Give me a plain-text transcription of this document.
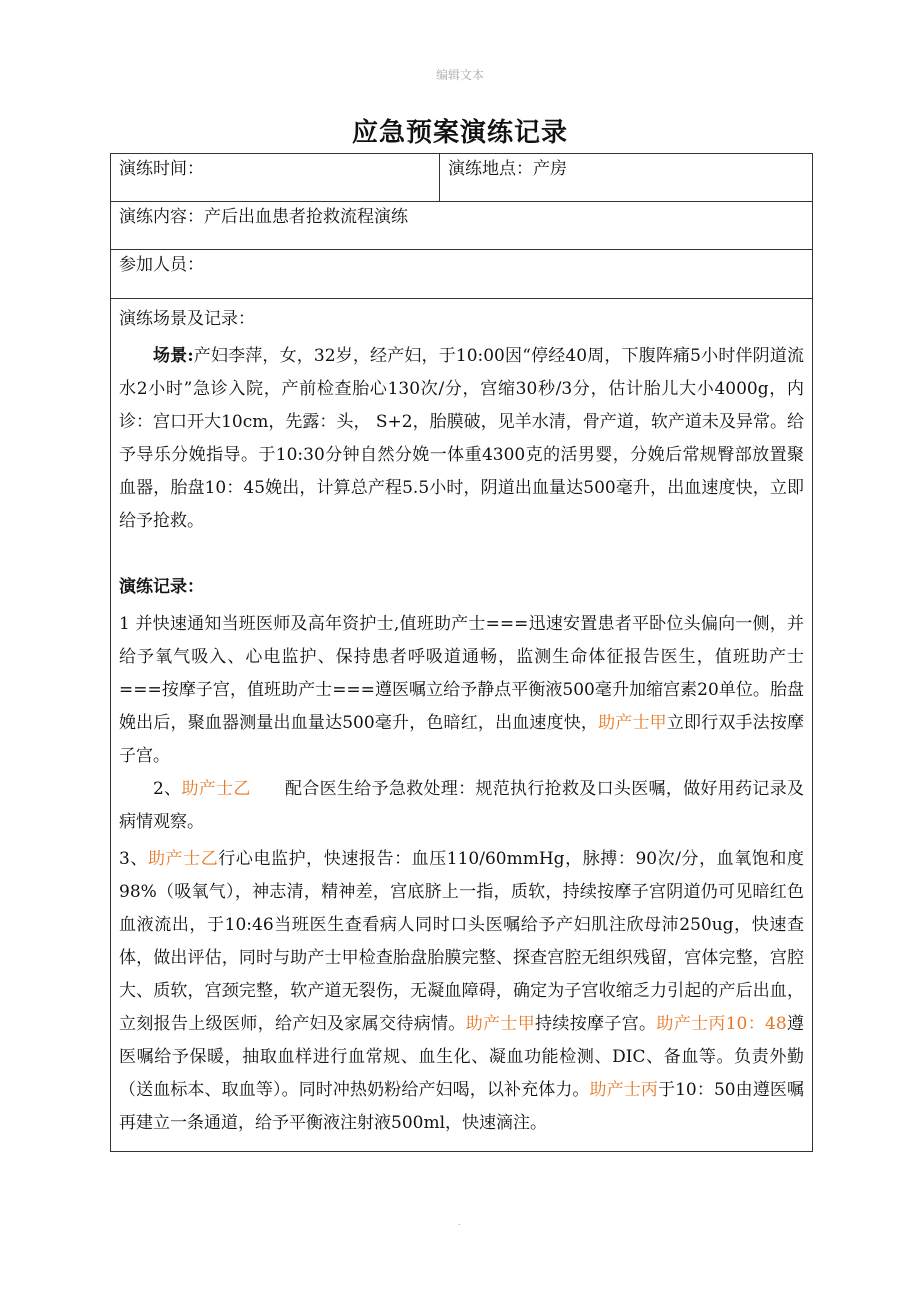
编辑文本
应急预案演练记录
演练时间：	演练地点：产房
演练内容：产后出血患者抢救流程演练
参加人员：

演练场景及记录：

场景:产妇李萍，女，32岁，经产妇，于10:00因“停经40周，下腹阵痛5小时伴阴道流水2小时”急诊入院，产前检查胎心130次/分，宫缩30秒/3分，估计胎儿大小4000g，内诊：宫口开大10cm，先露：头， S+2，胎膜破，见羊水清，骨产道，软产道未及异常。给予导乐分娩指导。于10:30分钟自然分娩一体重4300克的活男婴，分娩后常规臀部放置聚血器，胎盘10：45娩出，计算总产程5.5小时，阴道出血量达500毫升，出血速度快，立即给予抢救。

演练记录：

1 并快速通知当班医师及高年资护士,值班助产士===迅速安置患者平卧位头偏向一侧，并给予氧气吸入、心电监护、保持患者呼吸道通畅，监测生命体征报告医生，值班助产士===按摩子宫，值班助产士===遵医嘱立给予静点平衡液500毫升加缩宫素20单位。胎盘娩出后，聚血器测量出血量达500毫升，色暗红，出血速度快，助产士甲立即行双手法按摩子宫。

2、助产士乙      配合医生给予急救处理：规范执行抢救及口头医嘱，做好用药记录及病情观察。

3、助产士乙行心电监护，快速报告：血压110/60mmHg，脉搏：90次/分，血氧饱和度98%（吸氧气），神志清，精神差，宫底脐上一指，质软，持续按摩子宫阴道仍可见暗红色血液流出，于10:46当班医生查看病人同时口头医嘱给予产妇肌注欣母沛250ug，快速查体，做出评估，同时与助产士甲检查胎盘胎膜完整、探查宫腔无组织残留，宫体完整，宫腔大、质软，宫颈完整，软产道无裂伤，无凝血障碍，确定为子宫收缩乏力引起的产后出血，立刻报告上级医师，给产妇及家属交待病情。助产士甲持续按摩子宫。助产士丙10：48遵医嘱给予保暖，抽取血样进行血常规、血生化、凝血功能检测、DIC、备血等。负责外勤（送血标本、取血等）。同时冲热奶粉给产妇喝，以补充体力。助产士丙于10：50由遵医嘱再建立一条通道，给予平衡液注射液500ml，快速滴注。

.
